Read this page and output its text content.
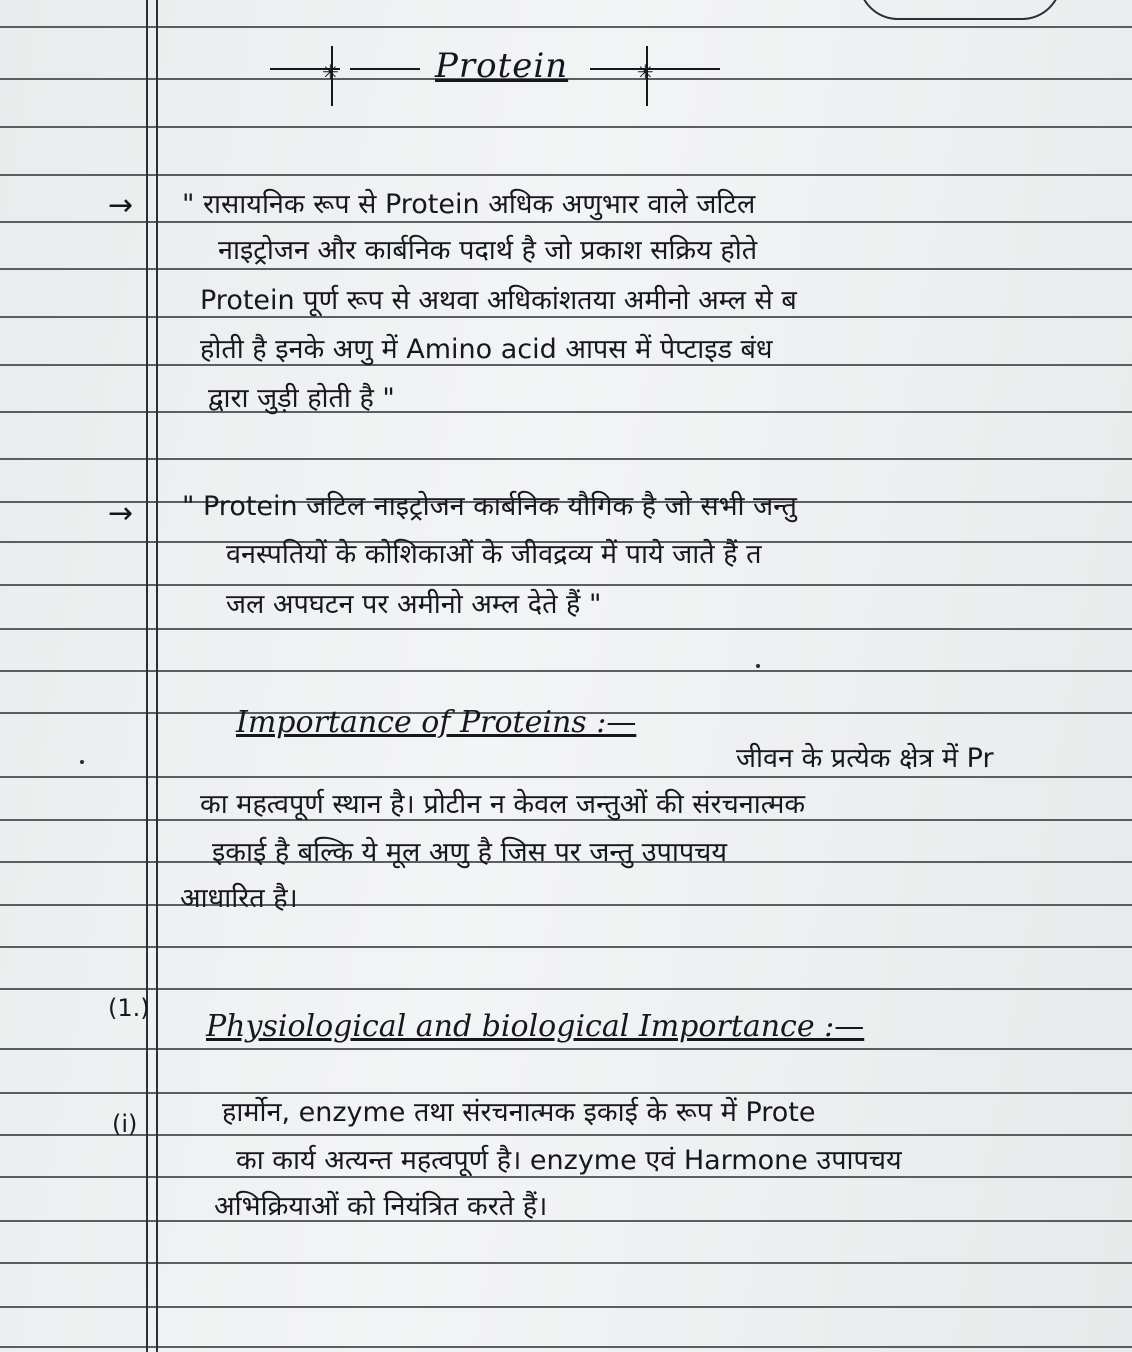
✳
Protein
✳
→ " रासायनिक रूप से Protein अधिक अणुभार वाले जटिल
नाइट्रोजन और कार्बनिक पदार्थ है जो प्रकाश सक्रिय होते
Protein पूर्ण रूप से अथवा अधिकांशतया अमीनो अम्ल से ब
होती है इनके अणु में Amino acid आपस में पेप्टाइड बंध
द्वारा जुड़ी होती है "
→ " Protein जटिल नाइट्रोजन कार्बनिक यौगिक है जो सभी जन्तु
वनस्पतियों के कोशिकाओं के जीवद्रव्य में पाये जाते हैं त
जल अपघटन पर अमीनो अम्ल देते हैं "
Importance of Proteins :—
जीवन के प्रत्येक क्षेत्र में Pr
का महत्वपूर्ण स्थान है। प्रोटीन न केवल जन्तुओं की संरचनात्मक
इकाई है बल्कि ये मूल अणु है जिस पर जन्तु उपापचय
आधारित है।
(1.)
Physiological and biological Importance :—
(i)	हार्मोन, enzyme तथा संरचनात्मक इकाई के रूप में Prote
का कार्य अत्यन्त महत्वपूर्ण है। enzyme एवं Harmone उपापचय
अभिक्रियाओं को नियंत्रित करते हैं।
